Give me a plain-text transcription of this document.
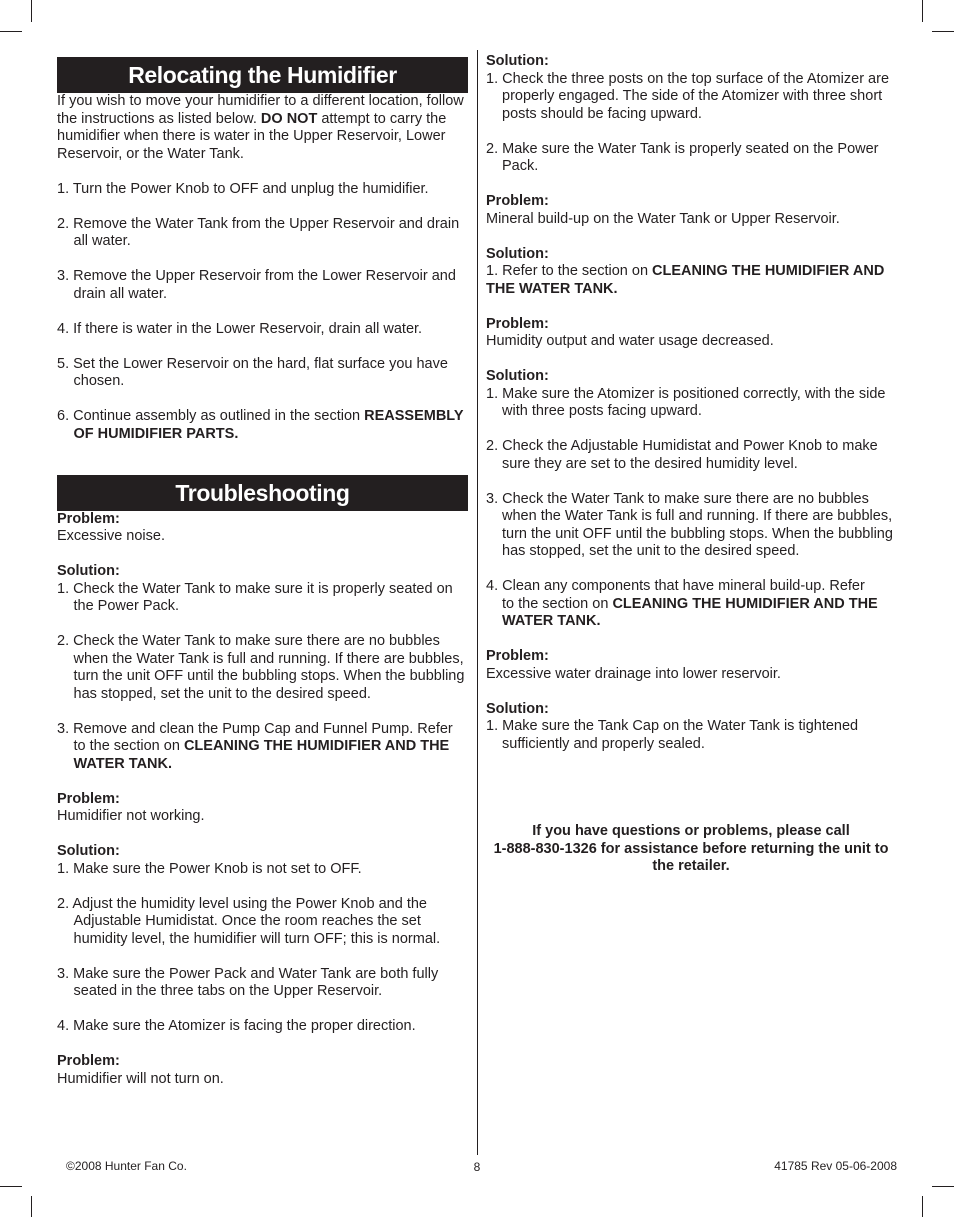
Relocating the Humidifier
If you wish to move your humidifier to a different location, follow
the instructions as listed below. DO NOT attempt to carry the
humidifier when there is water in the Upper Reservoir, Lower
Reservoir, or the Water Tank.
1. Turn the Power Knob to OFF and unplug the humidifier.
2. Remove the Water Tank from the Upper Reservoir and drain
all water.
3. Remove the Upper Reservoir from the Lower Reservoir and
drain all water.
4. If there is water in the Lower Reservoir, drain all water.
5. Set the Lower Reservoir on the hard, flat surface you have
chosen.
6. Continue assembly as outlined in the section REASSEMBLY
OF HUMIDIFIER PARTS.
Troubleshooting
Problem:
Excessive noise.
Solution:
1. Check the Water Tank to make sure it is properly seated on
the Power Pack.
2. Check the Water Tank to make sure there are no bubbles
when the Water Tank is full and running. If there are bubbles,
turn the unit OFF until the bubbling stops. When the bubbling
has stopped, set the unit to the desired speed.
3. Remove and clean the Pump Cap and Funnel Pump. Refer
to the section on CLEANING THE HUMIDIFIER AND THE
WATER TANK.
Problem:
Humidifier not working.
Solution:
1. Make sure the Power Knob is not set to OFF.
2. Adjust the humidity level using the Power Knob and the
Adjustable Humidistat. Once the room reaches the set
humidity level, the humidifier will turn OFF; this is normal.
3. Make sure the Power Pack and Water Tank are both fully
seated in the three tabs on the Upper Reservoir.
4. Make sure the Atomizer is facing the proper direction.
Problem:
Humidifier will not turn on.
Solution:
1. Check the three posts on the top surface of the Atomizer are
properly engaged. The side of the Atomizer with three short
posts should be facing upward.
2. Make sure the Water Tank is properly seated on the Power
Pack.
Problem:
Mineral build-up on the Water Tank or Upper Reservoir.
Solution:
1. Refer to the section on CLEANING THE HUMIDIFIER AND
THE WATER TANK.
Problem:
Humidity output and water usage decreased.
Solution:
1. Make sure the Atomizer is positioned correctly, with the side
with three posts facing upward.
2. Check the Adjustable Humidistat and Power Knob to make
sure they are set to the desired humidity level.
3. Check the Water Tank to make sure there are no bubbles
when the Water Tank is full and running. If there are bubbles,
turn the unit OFF until the bubbling stops. When the bubbling
has stopped, set the unit to the desired speed.
4. Clean any components that have mineral build-up. Refer
to the section on CLEANING THE HUMIDIFIER AND THE
WATER TANK.
Problem:
Excessive water drainage into lower reservoir.
Solution:
1. Make sure the Tank Cap on the Water Tank is tightened
sufficiently and properly sealed.
If you have questions or problems, please call
1-888-830-1326 for assistance before returning the unit to
the retailer.
©2008 Hunter Fan Co.	8	41785 Rev 05-06-2008
